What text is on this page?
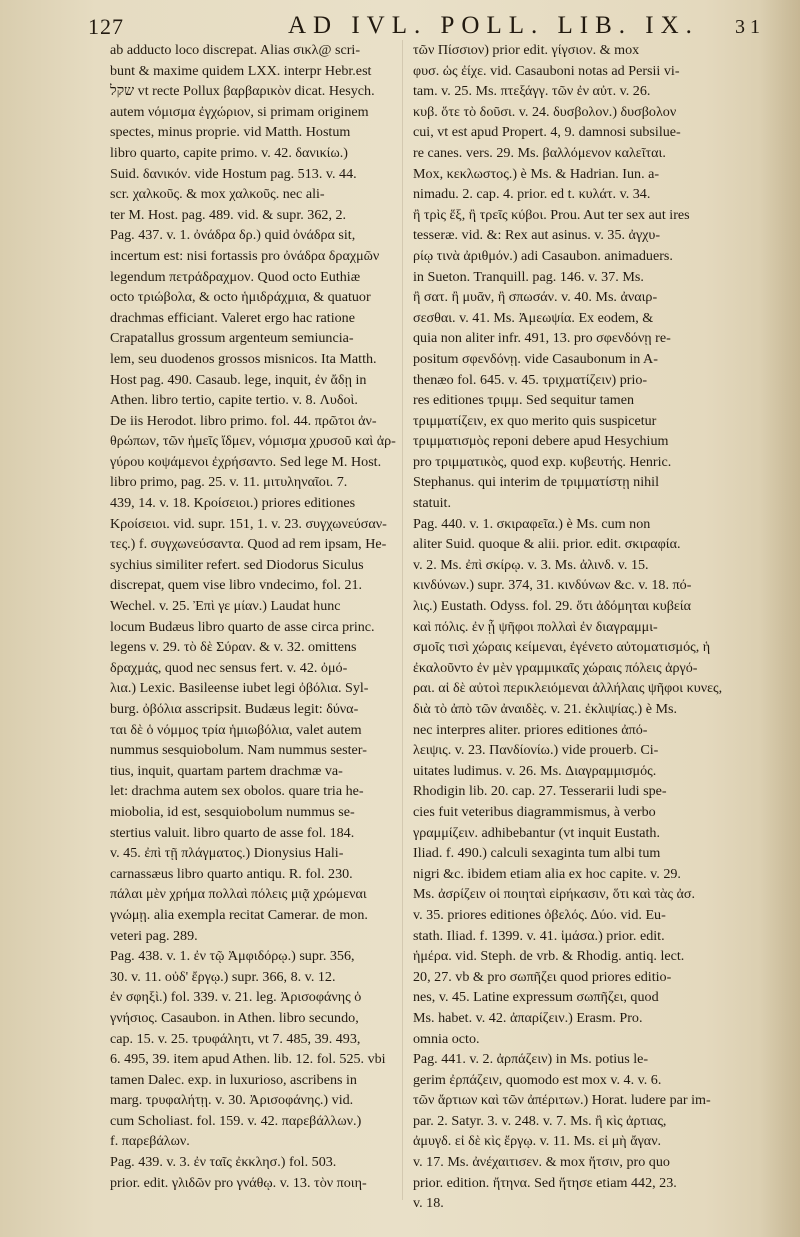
127	AD IVL. POLL. LIB. IX. 3 1
ab adducto loco discrepat. Alias σικλ@ scri-
bunt & maxime quidem LXX. interpr Hebr.est
שקל vt recte Pollux βαρβαρικὸν dicat. Hesych.
autem νόμισμα ἐγχώριον, si primam originem
spectes, minus proprie. vid Matth. Hostum
libro quarto, capite primo. v. 42. δανικίω.)
Suid. δανικόν. vide Hostum pag. 513. v. 44.
scr. χαλκοῦς. & mox χαλκοῦς. nec ali-
ter M. Host. pag. 489. vid. & supr. 362, 2.
Pag. 437. v. 1. ὀνάδρα δρ.) quid ὀνάδρα sit,
incertum est: nisi fortassis pro ὀνάδρα δραχμῶν
legendum πετράδραχμον. Quod octo Euthiæ
octo τριώβολα, & octo ἡμιδράχμια, & quatuor
drachmas efficiant. Valeret ergo hac ratione
Crapatallus grossum argenteum semiunciа-
lem, seu duodenos grossos misnicos. Ita Matth.
Host pag. 490. Casaub. lege, inquit, ἐν ἄδῃ in
Athen. libro tertio, capite tertio. v. 8. Λυδοὶ.
De iis Herodot. libro primo. fol. 44. πρῶτοι ἀν-
θρώπων, τῶν ἡμεῖς ἴδμεν, νόμισμα χρυσοῦ καὶ ἀρ-
γύρου κοψάμενοι ἐχρήσαντο. Sed lege M. Host.
libro primo, pag. 25. v. 11. μιτυληναῖοι. 7.
439, 14. v. 18. Κροίσειοι.) priores editiones
Κροίσειοι. vid. supr. 151, 1. v. 23. συγχωνεύσαν-
τες.) f. συγχωνεύσαντα. Quod ad rem ipsam, He-
sychius similiter refert. sed Diodorus Siculus
discrepat, quem vise libro vndecimo, fol. 21.
Wechel. v. 25. Ἐπὶ γε μίαν.) Laudat hunc
locum Budæus libro quarto de asse circa princ.
legens v. 29. τὸ δὲ Σύραν. & v. 32. omittens
δραχμάς, quod nec sensus fert. v. 42. ὀμό-
λια.) Lexic. Basileense iubet legi ὀβόλια. Syl-
burg. ὀβόλια asscripsit. Budæus legit: δύνα-
ται δὲ ὁ νόμμος τρία ἡμιωβόλια, valet autem
nummus sesquiobolum. Nam nummus sester-
tius, inquit, quartam partem drachmæ va-
let: drachma autem sex obolos. quare tria he-
miobolia, id est, sesquiobolum nummus se-
stertius valuit. libro quarto de asse fol. 184.
v. 45. ἐπὶ τῇ πλάγματος.) Dionysius Hali-
carnassæus libro quarto antiqu. R. fol. 230.
πάλαι μὲν χρήμα πολλαὶ πόλεις μιᾷ χρώμεναι
γνώμῃ. alia exempla recitat Camerar. de mon.
veteri pag. 289.
Pag. 438. v. 1. ἐν τῷ Ἀμφιδόρῳ.) supr. 356,
30. v. 11. οὐδ' ἔργῳ.) supr. 366, 8. v. 12.
ἐν σφηξὶ.) fol. 339. v. 21. leg. Ἀρισοφάνης ὁ
γνήσιος. Casaubon. in Athen. libro secundo,
cap. 15. v. 25. τρυφάλητι, vt 7. 485, 39. 493,
6. 495, 39. item apud Athen. lib. 12. fol. 525. vbi
tamen Dalec. exp. in luxurioso, ascribens in
marg. τρυφαλήτῃ. v. 30. Ἀρισοφάνης.) vid.
cum Scholiast. fol. 159. v. 42. παρεβάλλων.)
f. παρεβάλων.
Pag. 439. v. 3. ἐν ταῖς ἐκκλησ.) fol. 503.
prior. edit. γλιδῶν pro γνάθῳ. v. 13. τὸν ποιη-
τῶν Πίσσιον) prior edit. γίγσιον. & mox
φυσ. ὡς ἐίχε. vid. Casauboni notas ad Persii vi-
tam. v. 25. Ms. πτεξάγγ. τῶν ἐν αὐτ. v. 26.
κυβ. ὅτε τὸ δοῦσι. v. 24. δυσβολον.) δυσβολον
cui, vt est apud Propert. 4, 9. damnosi subsilue-
re canes. vers. 29. Ms. βαλλόμενον καλεῖται.
Mox, κεκλωστος.) è Ms. & Hadrian. Iun. a-
nimadu. 2. cap. 4. prior. ed t. κυλάτ. v. 34.
ἢ τρὶς ἕξ, ἢ τρεῖς κύβοι. Prou. Aut ter sex aut ires
tesseræ. vid. &: Rex aut asinus. v. 35. ἀγχυ-
ρίῳ τινὰ ἀριθμόν.) adi Casaubon. animaduers.
in Sueton. Tranquill. pag. 146. v. 37. Ms.
ἢ σατ. ἢ μυᾶν, ἢ σπωσάν. v. 40. Ms. ἀναιρ-
σεσθαι. v. 41. Ms. Ἀμεωψία. Ex eodem, &
quia non aliter infr. 491, 13. pro σφενδόνῃ re-
positum σφενδόνῃ. vide Casaubonum in A-
thenæo fol. 645. v. 45. τριχματίζειν) prio-
res editiones τριμμ. Sed sequitur tamen
τριμματίζειν, ex quo merito quis suspicetur
τριμματισμὸς reponi debere apud Hesychium
pro τριμματικὸς, quod exp. κυβευτής. Henric.
Stephanus. qui interim de τριμματίστῃ nihil
statuit.
Pag. 440. v. 1. σκιραφεῖα.) è Ms. cum non
aliter Suid. quoque & alii. prior. edit. σκιραφία.
v. 2. Ms. ἐπὶ σκίρῳ. v. 3. Ms. ἀλινδ. v. 15.
κινδύνων.) supr. 374, 31. κινδύνων &c. v. 18. πό-
λις.) Eustath. Odyss. fol. 29. ὅτι ἀδόμηται κυβεία
καὶ πόλις. ἐν ᾗ ψῆφοι πολλαὶ ἐν διαγραμμι-
σμοῖς τισὶ χώραις κείμεναι, ἐγένετο αὐτοματισμός, ἡ
ἐκαλοῦντο ἐν μὲν γραμμικαῖς χώραις πόλεις ἀργό-
ραι. αἱ δὲ αὐτοὶ περικλειόμεναι ἀλλήλαις ψῆφοι κυνες,
διὰ τὸ ἀπὸ τῶν ἀναιδὲς. v. 21. ἐκλιψίας.) è Ms.
nec interpres aliter. priores editiones ἀπό-
λειψις. v. 23. Πανδίονίω.) vide prouerb. Ci-
uitates ludimus. v. 26. Ms. Διαγραμμισμός.
Rhodigin lib. 20. cap. 27. Tesserarii ludi spe-
cies fuit veteribus diagrammismus, à verbo
γραμμίζειν. adhibebantur (vt inquit Eustath.
Iliad. f. 490.) calculi sexaginta tum albi tum
nigri &c. ibidem etiam alia ex hoc capite. v. 29.
Ms. ἀσρίζειν οἱ ποιηταὶ εἰρήκασιν, ὅτι καὶ τὰς ἀσ.
v. 35. priores editiones ὀβελός. Δύο. vid. Eu-
stath. Iliad. f. 1399. v. 41. ἱμάσα.) prior. edit.
ἡμέρα. vid. Steph. de vrb. & Rhodig. antiq. lect.
20, 27. vb & pro σωπῆζει quod priores editio-
nes, v. 45. Latine expressum σωπῆζει, quod
Ms. habet. v. 42. ἀπαρίζειν.) Erasm. Pro.
omnia octo.
Pag. 441. v. 2. ἀρπάζειν) in Ms. potius le-
gerim ἐρπάζειν, quomodo est mox v. 4. v. 6.
τῶν ἄρτιων καὶ τῶν ἀπέριτων.) Horat. ludere par im-
par. 2. Satyr. 3. v. 248. v. 7. Ms. ἢ κὶς ἀρτιας,
ἀμυγδ. εἰ δὲ κὶς ἔργῳ. v. 11. Ms. εἰ μὴ ἄγαν.
v. 17. Ms. ἀνέχαιτισεν. & mox ἤτσιν, pro quo
prior. edition. ἤτηνα. Sed ἤτησε etiam 442, 23.
v. 18.
